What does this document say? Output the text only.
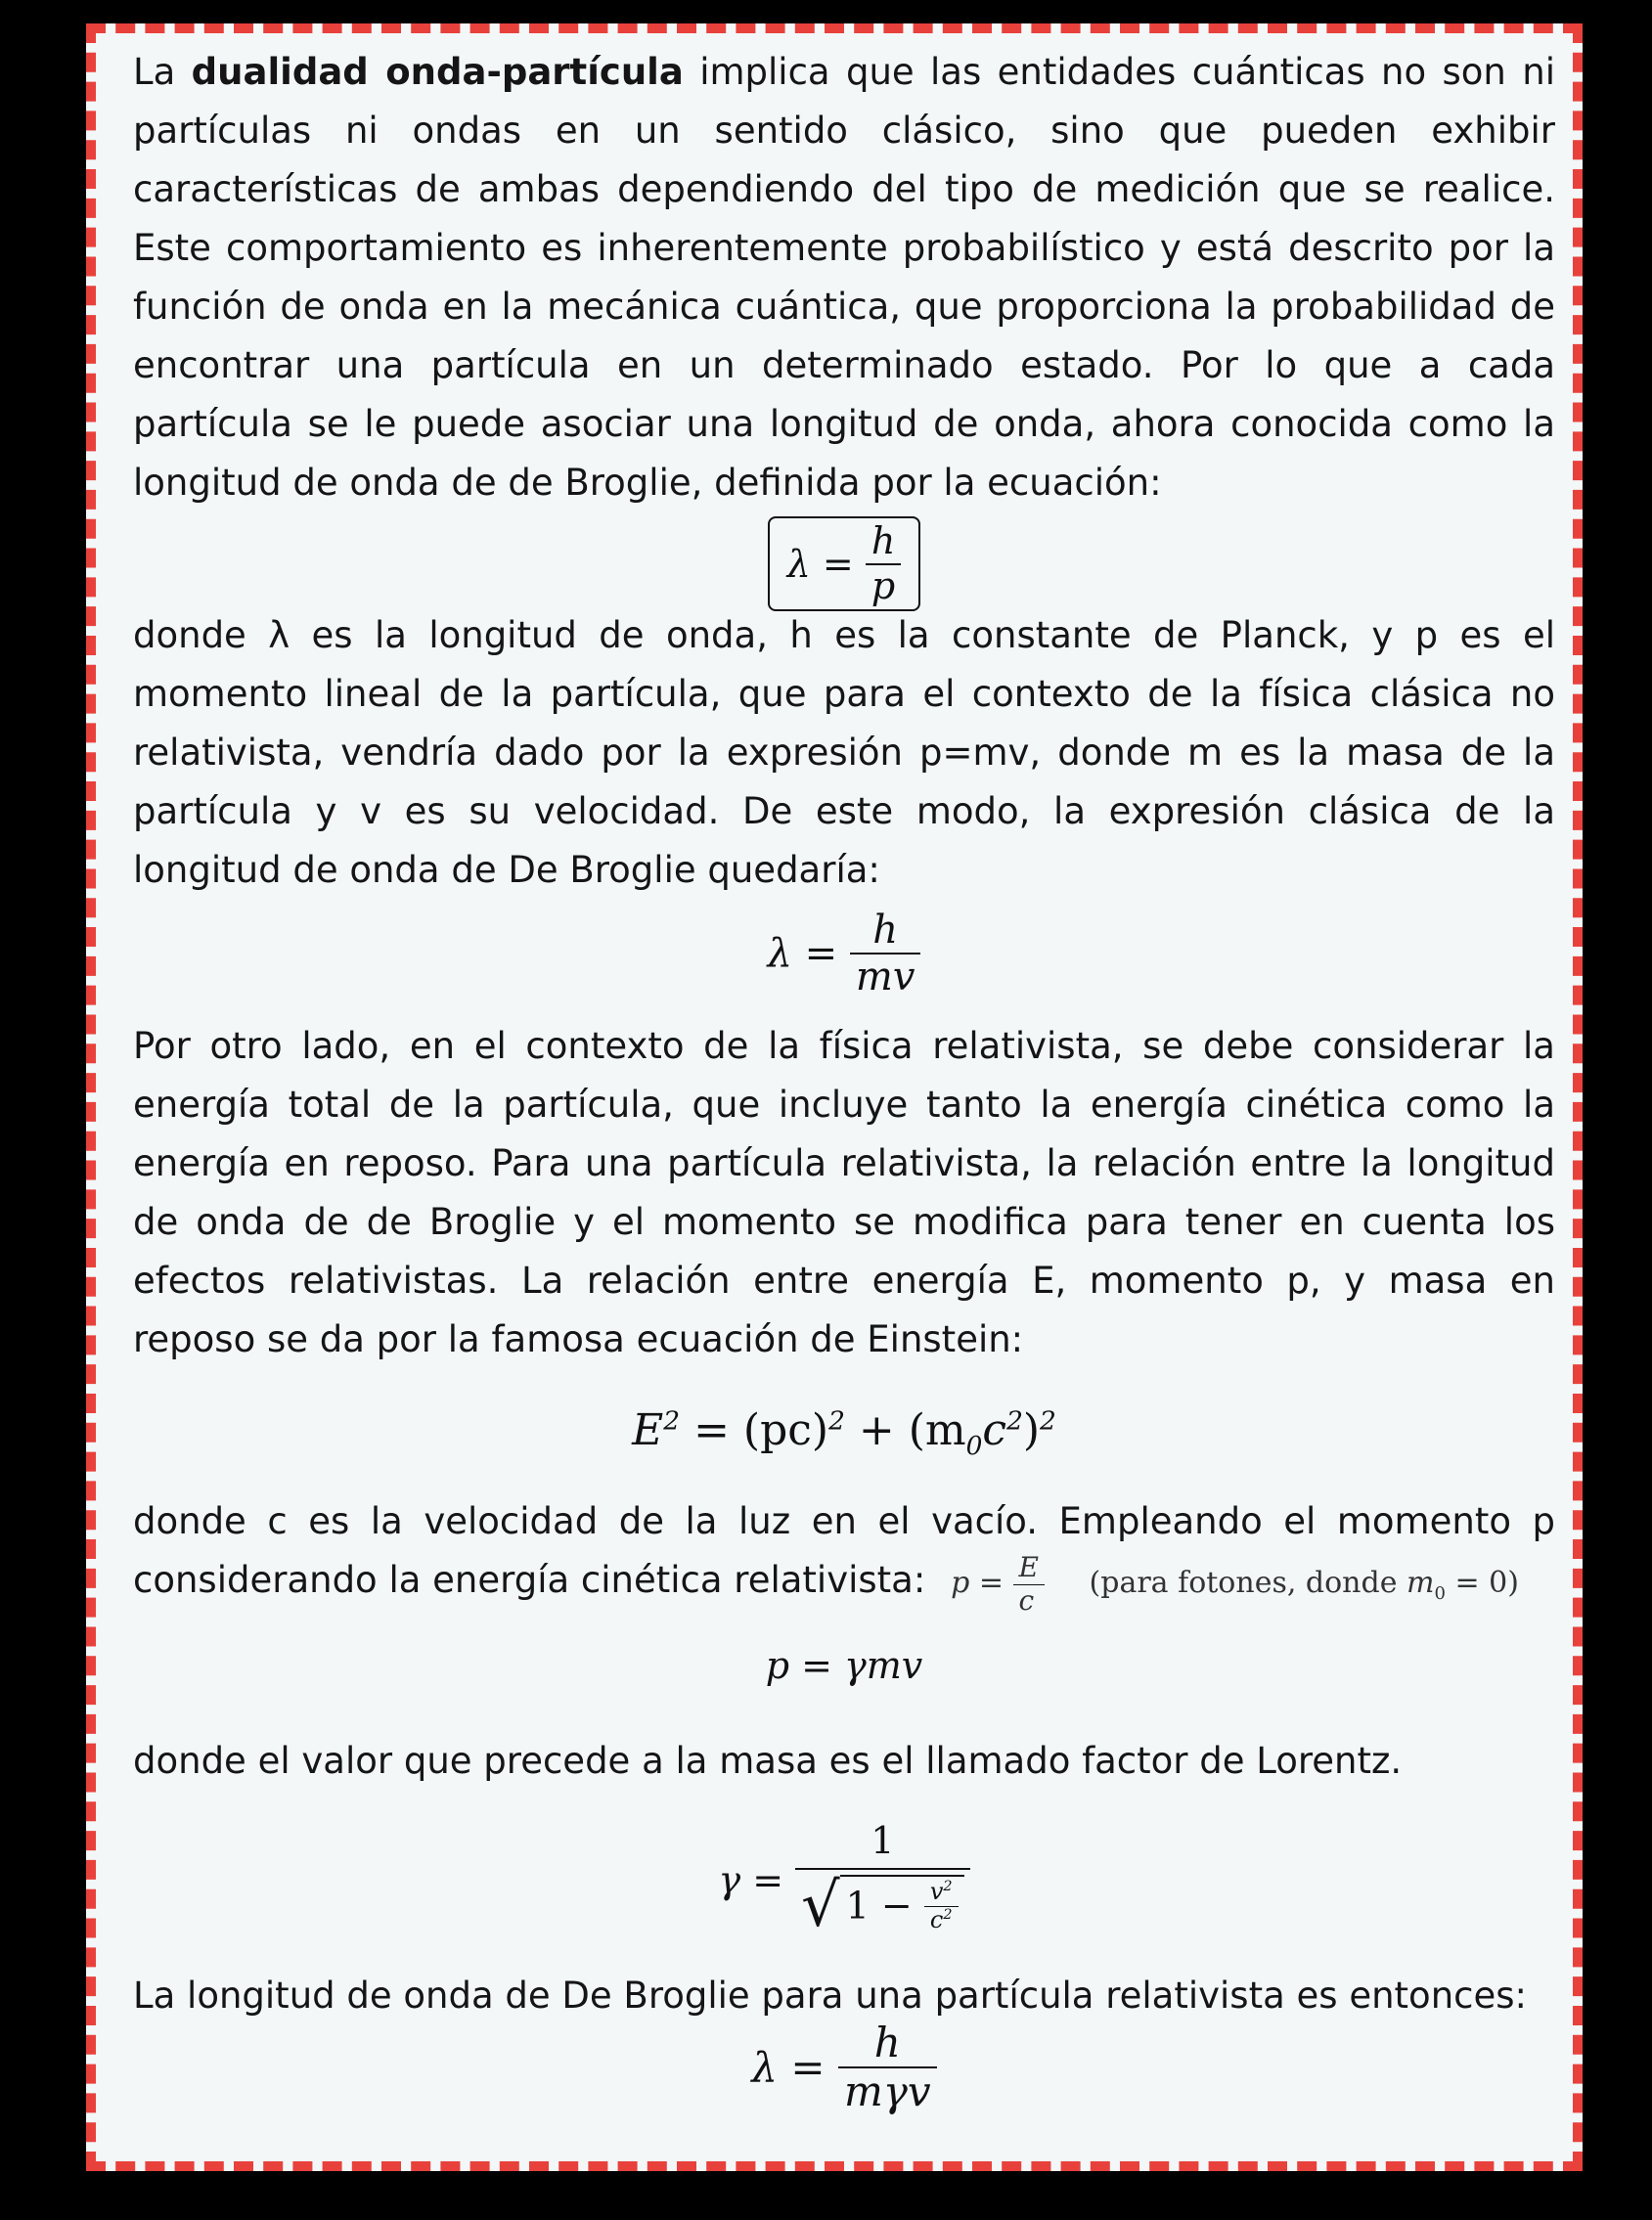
La dualidad onda-partícula implica que las entidades cuánticas no son ni partículas ni ondas en un sentido clásico, sino que pueden exhibir características de ambas dependiendo del tipo de medición que se realice. Este comportamiento es inherentemente probabilístico y está descrito por la función de onda en la mecánica cuántica, que proporciona la probabilidad de encontrar una partícula en un determinado estado. Por lo que a cada partícula se le puede asociar una longitud de onda, ahora conocida como la longitud de onda de de Broglie, definida por la ecuación:

$\lambda = \frac{h}{p}$

donde λ es la longitud de onda, h es la constante de Planck, y p es el momento lineal de la partícula, que para el contexto de la física clásica no relativista, vendría dado por la expresión p=mv, donde m es la masa de la partícula y v es su velocidad. De este modo, la expresión clásica de la longitud de onda de De Broglie quedaría:

$\lambda = \frac{h}{mv}$

Por otro lado, en el contexto de la física relativista, se debe considerar la energía total de la partícula, que incluye tanto la energía cinética como la energía en reposo. Para una partícula relativista, la relación entre la longitud de onda de de Broglie y el momento se modifica para tener en cuenta los efectos relativistas. La relación entre energía E, momento p, y masa en reposo se da por la famosa ecuación de Einstein:

$E^2 = (pc)^2 + (m_0c^2)^2$

donde c es la velocidad de la luz en el vacío. Empleando el momento p

considerando la energía cinética relativista: $p = \frac{E}{c}$ (para fotones, donde $m_0 = 0$)

p = γmv

donde el valor que precede a la masa es el llamado factor de Lorentz.

$\gamma = \frac{1}{√ 1 - \frac{v^2}{c^2}}$

La longitud de onda de De Broglie para una partícula relativista es entonces:

$\lambda = \frac{h}{\text{mγv}}$
